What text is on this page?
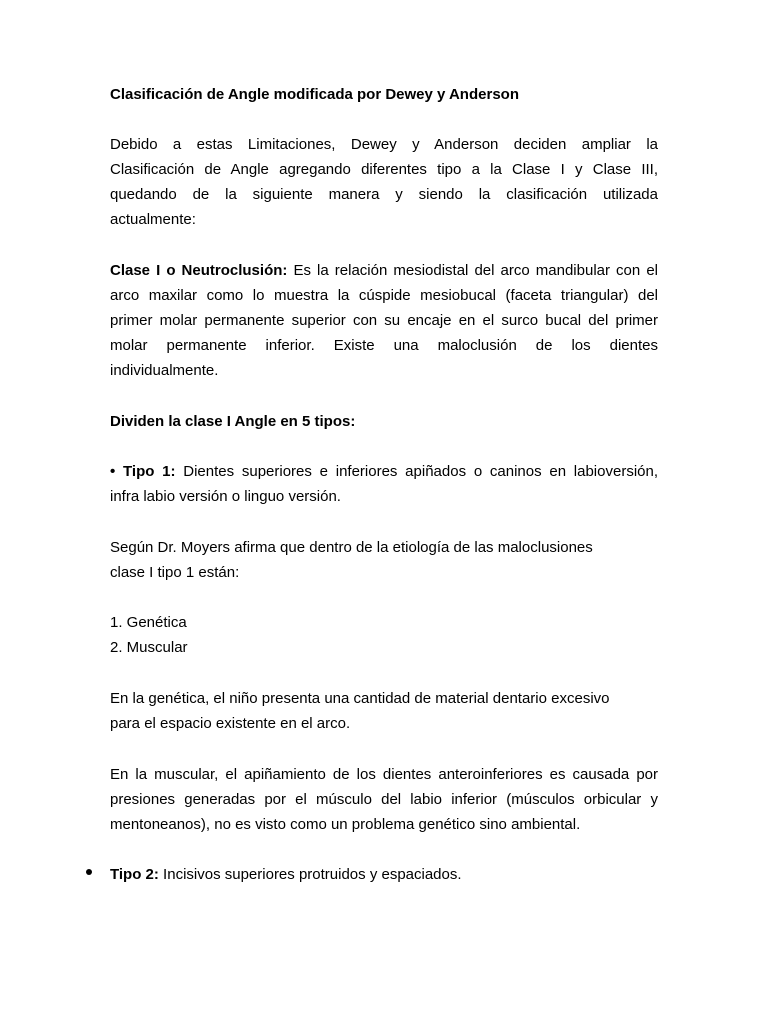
Clasificación de Angle modificada por Dewey y Anderson

Debido a estas Limitaciones, Dewey y Anderson deciden ampliar la
Clasificación de Angle agregando diferentes tipo a la Clase I y Clase III,
quedando de la siguiente manera y siendo la clasificación utilizada
actualmente:

Clase I o Neutroclusión: Es la relación mesiodistal del arco mandibular con el
arco maxilar como lo muestra la cúspide mesiobucal (faceta triangular) del
primer molar permanente superior con su encaje en el surco bucal del primer
molar permanente inferior. Existe una maloclusión de los dientes
individualmente.

Dividen la clase I Angle en 5 tipos:

• Tipo 1: Dientes superiores e inferiores apiñados o caninos en labioversión,
infra labio versión o linguo versión.

Según Dr. Moyers afirma que dentro de la etiología de las maloclusiones
clase I tipo 1 están:

1. Genética
2. Muscular

En la genética, el niño presenta una cantidad de material dentario excesivo
para el espacio existente en el arco.

En la muscular, el apiñamiento de los dientes anteroinferiores es causada por
presiones generadas por el músculo del labio inferior (músculos orbicular y
mentoneanos), no es visto como un problema genético sino ambiental.

Tipo 2: Incisivos superiores protruidos y espaciados.
